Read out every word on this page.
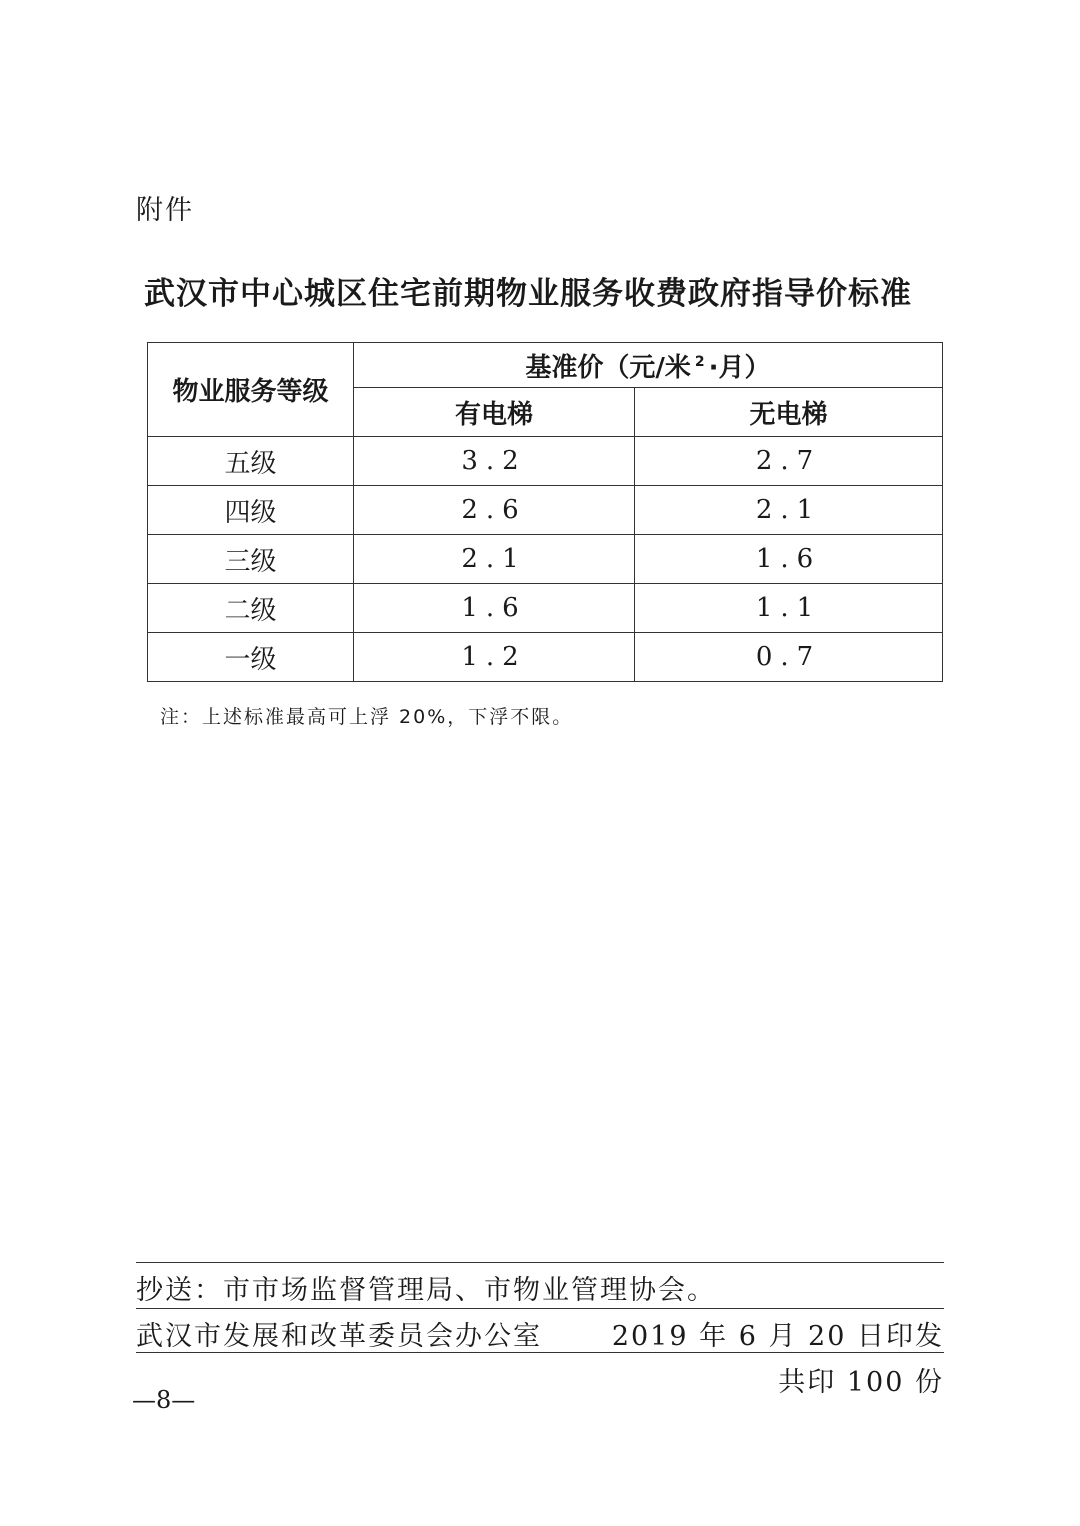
附件
武汉市中心城区住宅前期物业服务收费政府指导价标准
物业服务等级	基准价（元/米 $^2$ ·月）	
	有电梯	无电梯
五级	3.2	2.7
四级	2.6	2.1
三级	2.1	1.6
二级	1.6	1.1
一级	1.2	0.7
注：上述标准最高可上浮 20%，下浮不限。
抄送：市市场监督管理局、市物业管理协会。
武汉市发展和改革委员会办公室	2019 年 6 月 20 日印发
共印 100 份
—8—
